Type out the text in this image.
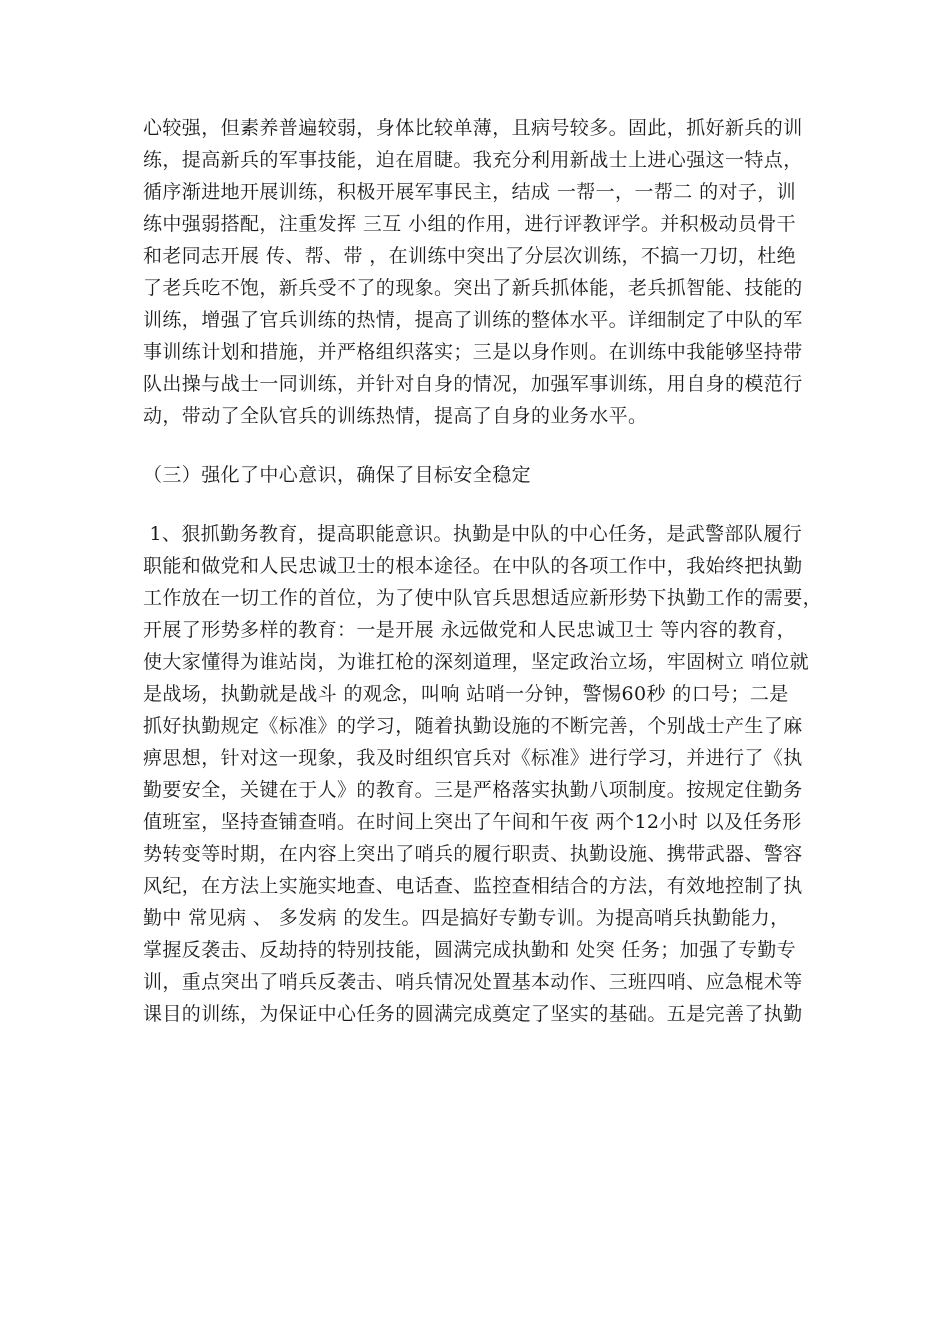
心较强，但素养普遍较弱，身体比较单薄，且病号较多。固此，抓好新兵的训
练，提高新兵的军事技能，迫在眉睫。我充分利用新战士上进心强这一特点，
循序渐进地开展训练，积极开展军事民主，结成 一帮一，一帮二 的对子，训
练中强弱搭配，注重发挥 三互 小组的作用，进行评教评学。并积极动员骨干
和老同志开展 传、帮、带 ，在训练中突出了分层次训练，不搞一刀切，杜绝
了老兵吃不饱，新兵受不了的现象。突出了新兵抓体能，老兵抓智能、技能的
训练，增强了官兵训练的热情，提高了训练的整体水平。详细制定了中队的军
事训练计划和措施，并严格组织落实；三是以身作则。在训练中我能够坚持带
队出操与战士一同训练，并针对自身的情况，加强军事训练，用自身的模范行
动，带动了全队官兵的训练热情，提高了自身的业务水平。
（三）强化了中心意识，确保了目标安全稳定
1、狠抓勤务教育，提高职能意识。执勤是中队的中心任务，是武警部队履行
职能和做党和人民忠诚卫士的根本途径。在中队的各项工作中，我始终把执勤
工作放在一切工作的首位，为了使中队官兵思想适应新形势下执勤工作的需要，
开展了形势多样的教育：一是开展 永远做党和人民忠诚卫士 等内容的教育，
使大家懂得为谁站岗，为谁扛枪的深刻道理，坚定政治立场，牢固树立 哨位就
是战场，执勤就是战斗 的观念，叫响 站哨一分钟，警惕60秒 的口号；二是
抓好执勤规定《标准》的学习，随着执勤设施的不断完善，个别战士产生了麻
痹思想，针对这一现象，我及时组织官兵对《标准》进行学习，并进行了《执
勤要安全，关键在于人》的教育。三是严格落实执勤八项制度。按规定住勤务
值班室，坚持查铺查哨。在时间上突出了午间和午夜 两个12小时 以及任务形
势转变等时期，在内容上突出了哨兵的履行职责、执勤设施、携带武器、警容
风纪，在方法上实施实地查、电话查、监控查相结合的方法，有效地控制了执
勤中 常见病 、 多发病 的发生。四是搞好专勤专训。为提高哨兵执勤能力，
掌握反袭击、反劫持的特别技能，圆满完成执勤和 处突 任务；加强了专勤专
训，重点突出了哨兵反袭击、哨兵情况处置基本动作、三班四哨、应急棍术等
课目的训练，为保证中心任务的圆满完成奠定了坚实的基础。五是完善了执勤
